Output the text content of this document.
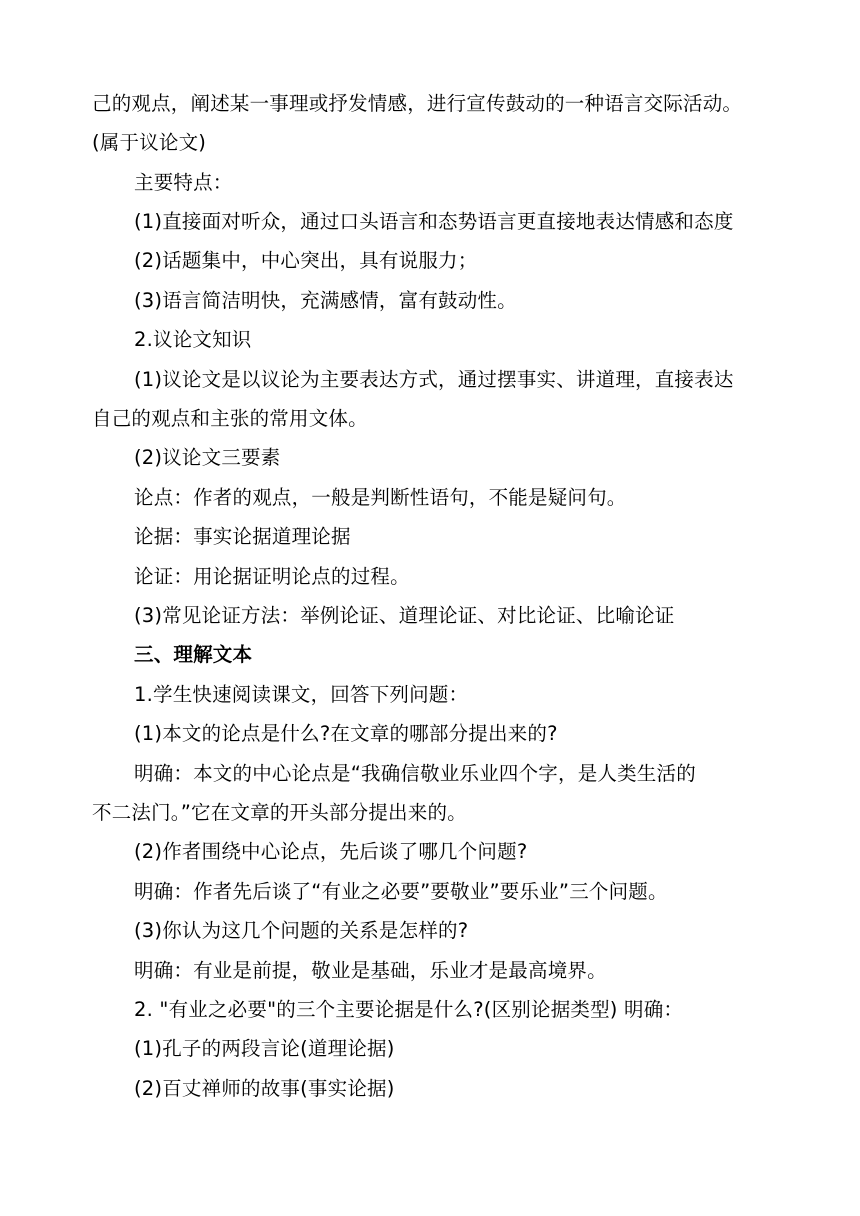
己的观点，阐述某一事理或抒发情感，进行宣传鼓动的一种语言交际活动。
(属于议论文)
主要特点：
(1)直接面对听众，通过口头语言和态势语言更直接地表达情感和态度
(2)话题集中，中心突出，具有说服力；
(3)语言简洁明快，充满感情，富有鼓动性。
2.议论文知识
(1)议论文是以议论为主要表达方式，通过摆事实、讲道理，直接表达
自己的观点和主张的常用文体。
(2)议论文三要素
论点：作者的观点，一般是判断性语句，不能是疑问句。
论据：事实论据道理论据
论证：用论据证明论点的过程。
(3)常见论证方法：举例论证、道理论证、对比论证、比喻论证
三、理解文本
1.学生快速阅读课文，回答下列问题：
(1)本文的论点是什么?在文章的哪部分提出来的?
明确：本文的中心论点是“我确信敬业乐业四个字，是人类生活的
不二法门。”它在文章的开头部分提出来的。
(2)作者围绕中心论点，先后谈了哪几个问题?
明确：作者先后谈了“有业之必要”要敬业”要乐业”三个问题。
(3)你认为这几个问题的关系是怎样的?
明确：有业是前提，敬业是基础，乐业才是最高境界。
2. "有业之必要"的三个主要论据是什么?(区别论据类型) 明确：
(1)孔子的两段言论(道理论据)
(2)百丈禅师的故事(事实论据)
